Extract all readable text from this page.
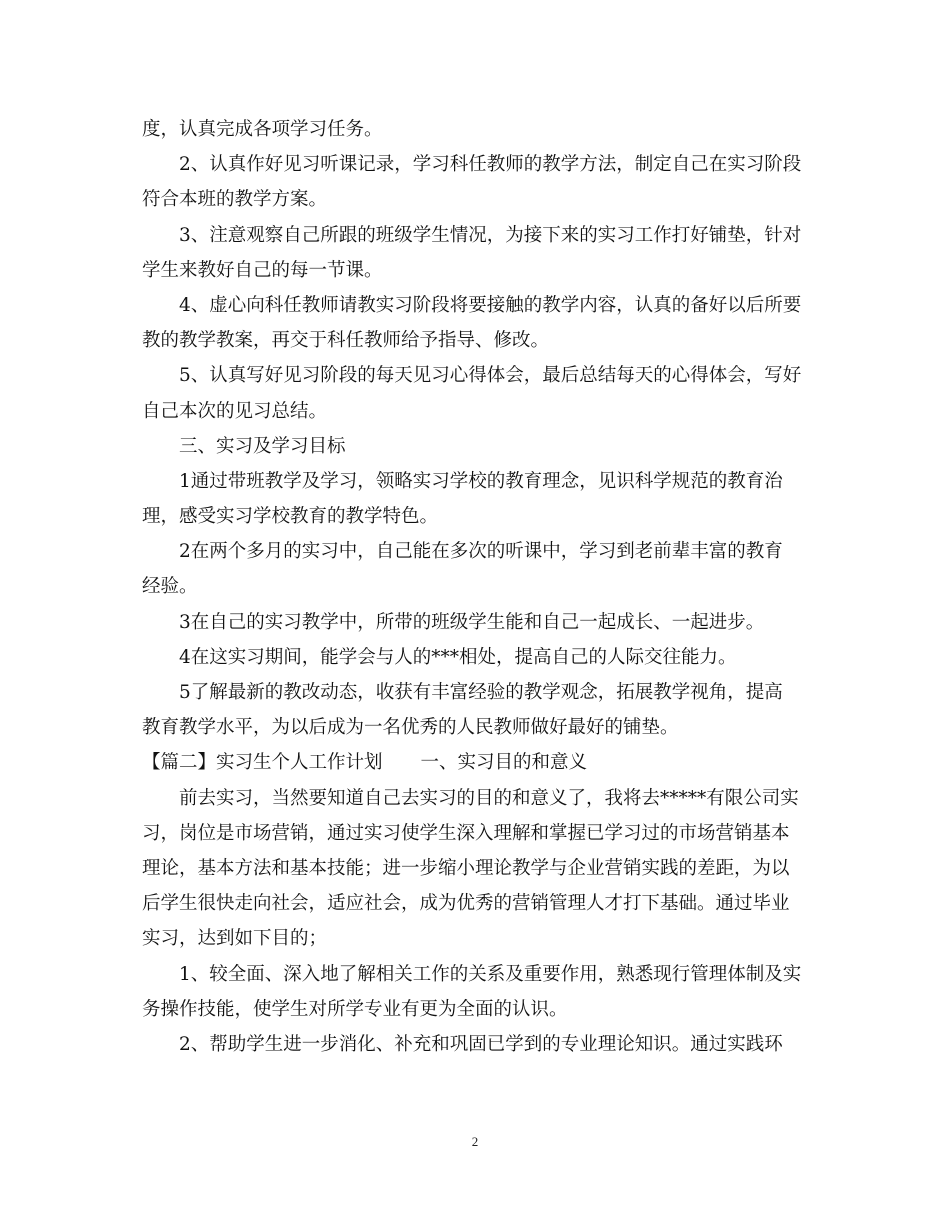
度，认真完成各项学习任务。
2、认真作好见习听课记录，学习科任教师的教学方法，制定自己在实习阶段
符合本班的教学方案。
3、注意观察自己所跟的班级学生情况，为接下来的实习工作打好铺垫，针对
学生来教好自己的每一节课。
4、虚心向科任教师请教实习阶段将要接触的教学内容，认真的备好以后所要
教的教学教案，再交于科任教师给予指导、修改。
5、认真写好见习阶段的每天见习心得体会，最后总结每天的心得体会，写好
自己本次的见习总结。
三、实习及学习目标
1通过带班教学及学习，领略实习学校的教育理念，见识科学规范的教育治
理，感受实习学校教育的教学特色。
2在两个多月的实习中，自己能在多次的听课中，学习到老前辈丰富的教育
经验。
3在自己的实习教学中，所带的班级学生能和自己一起成长、一起进步。
4在这实习期间，能学会与人的***相处，提高自己的人际交往能力。
5了解最新的教改动态，收获有丰富经验的教学观念，拓展教学视角，提高
教育教学水平，为以后成为一名优秀的人民教师做好最好的铺垫。
【篇二】实习生个人工作计划 一、实习目的和意义
前去实习，当然要知道自己去实习的目的和意义了，我将去*****有限公司实
习，岗位是市场营销，通过实习使学生深入理解和掌握已学习过的市场营销基本
理论，基本方法和基本技能；进一步缩小理论教学与企业营销实践的差距，为以
后学生很快走向社会，适应社会，成为优秀的营销管理人才打下基础。通过毕业
实习，达到如下目的；
1、较全面、深入地了解相关工作的关系及重要作用，熟悉现行管理体制及实
务操作技能，使学生对所学专业有更为全面的认识。
2、帮助学生进一步消化、补充和巩固已学到的专业理论知识。通过实践环
2
